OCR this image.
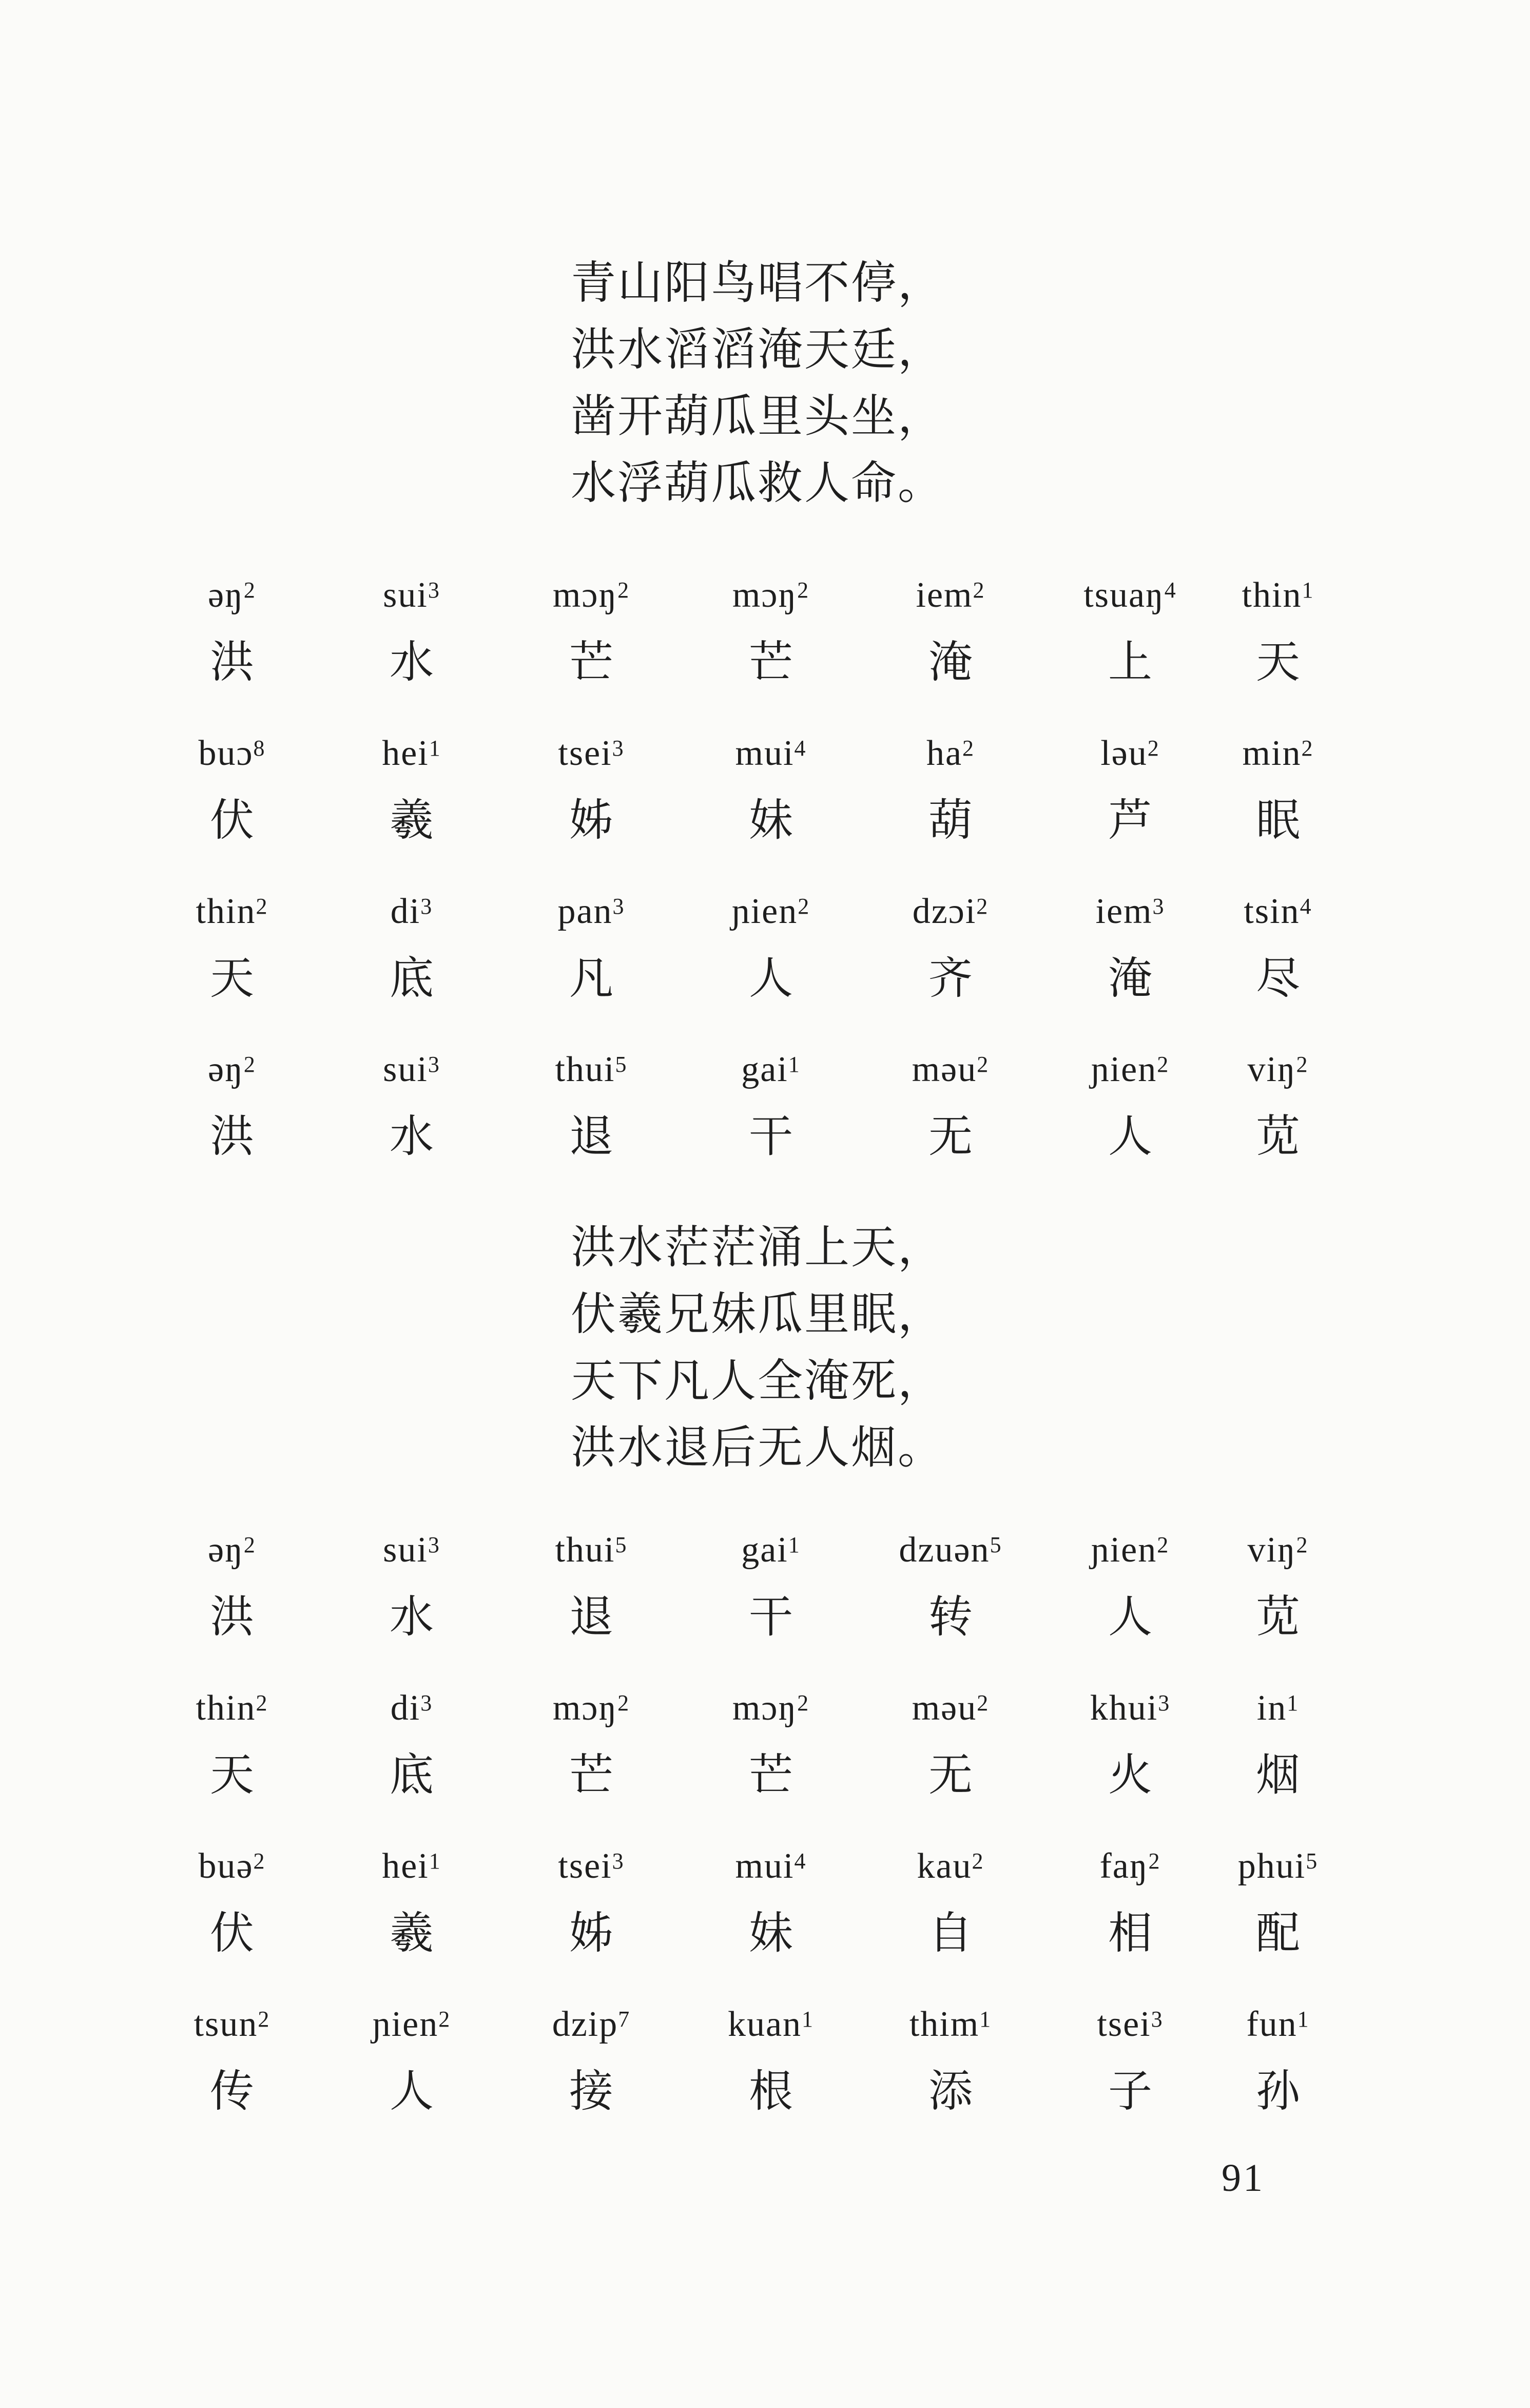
青山阳鸟唱不停，
洪水滔滔淹天廷，
凿开葫瓜里头坐，
水浮葫瓜救人命。
əŋ$^2$
洪
sui$^3$
水
mɔŋ$^2$
芒
mɔŋ$^2$
芒
iem$^2$
淹
tsuaŋ$^4$
上
thin$^1$
天
buɔ$^8$
伏
hei$^1$
羲
tsei$^3$
姊
mui$^4$
妹
$ha^2$
葫
ləu$^2$
芦
$\min^2$
眠
thin$^2$
天
$di^3$
底
pan$^3$
凡
ɲien$^2$
人
dzɔi$^2$
齐
iem$^3$
淹
tsin$^4$
尽
əŋ$^2$
洪
sui$^3$
水
thui$^5$
退
gai$^1$
干
məu$^2$
无
ɲien$^2$
人
viŋ$^2$
苋
洪水茫茫涌上天，
伏羲兄妹瓜里眠，
天下凡人全淹死，
洪水退后无人烟。
əŋ$^2$
洪
sui$^3$
水
thui$^5$
退
gai$^1$
干
dzuən$^5$
转
ɲien$^2$
人
viŋ$^2$
苋
thin$^2$
天
$di^3$
底
mɔŋ$^2$
芒
mɔŋ$^2$
芒
məu$^2$
无
khui$^3$
火
$in^1$
烟
buə$^2$
伏
hei$^1$
羲
tsei$^3$
姊
mui$^4$
妹
kau$^2$
自
faŋ$^2$
相
phui$^5$
配
tsun$^2$
传
ɲien$^2$
人
dzip$^7$
接
kuan$^1$
根
thim$^1$
添
tsei$^3$
子
fun$^1$
孙
91
